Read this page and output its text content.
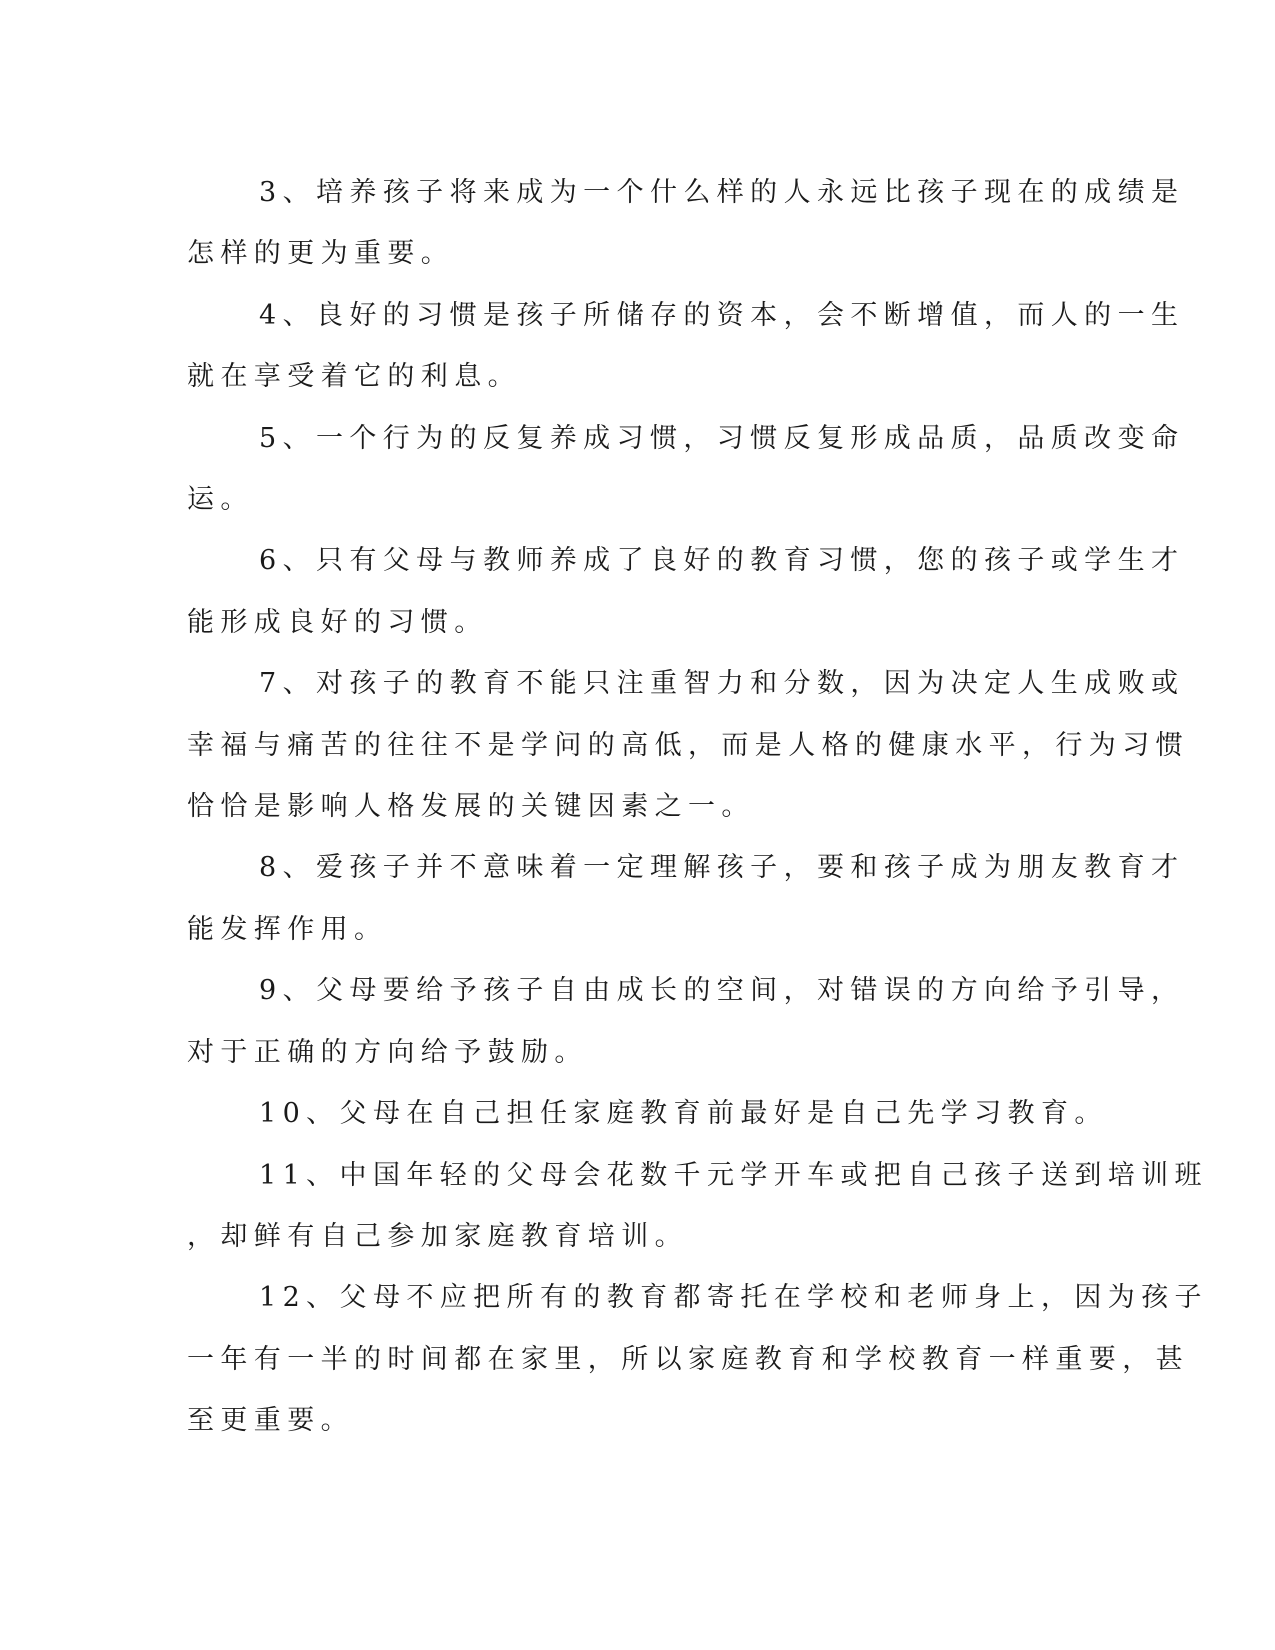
3、培养孩子将来成为一个什么样的人永远比孩子现在的成绩是
怎样的更为重要。

4、良好的习惯是孩子所储存的资本，会不断增值，而人的一生
就在享受着它的利息。

5、一个行为的反复养成习惯，习惯反复形成品质，品质改变命
运。

6、只有父母与教师养成了良好的教育习惯，您的孩子或学生才
能形成良好的习惯。

7、对孩子的教育不能只注重智力和分数，因为决定人生成败或
幸福与痛苦的往往不是学问的高低，而是人格的健康水平，行为习惯
恰恰是影响人格发展的关键因素之一。

8、爱孩子并不意味着一定理解孩子，要和孩子成为朋友教育才
能发挥作用。

9、父母要给予孩子自由成长的空间，对错误的方向给予引导，
对于正确的方向给予鼓励。

10、父母在自己担任家庭教育前最好是自己先学习教育。

11、中国年轻的父母会花数千元学开车或把自己孩子送到培训班
，却鲜有自己参加家庭教育培训。

12、父母不应把所有的教育都寄托在学校和老师身上，因为孩子
一年有一半的时间都在家里，所以家庭教育和学校教育一样重要，甚
至更重要。
